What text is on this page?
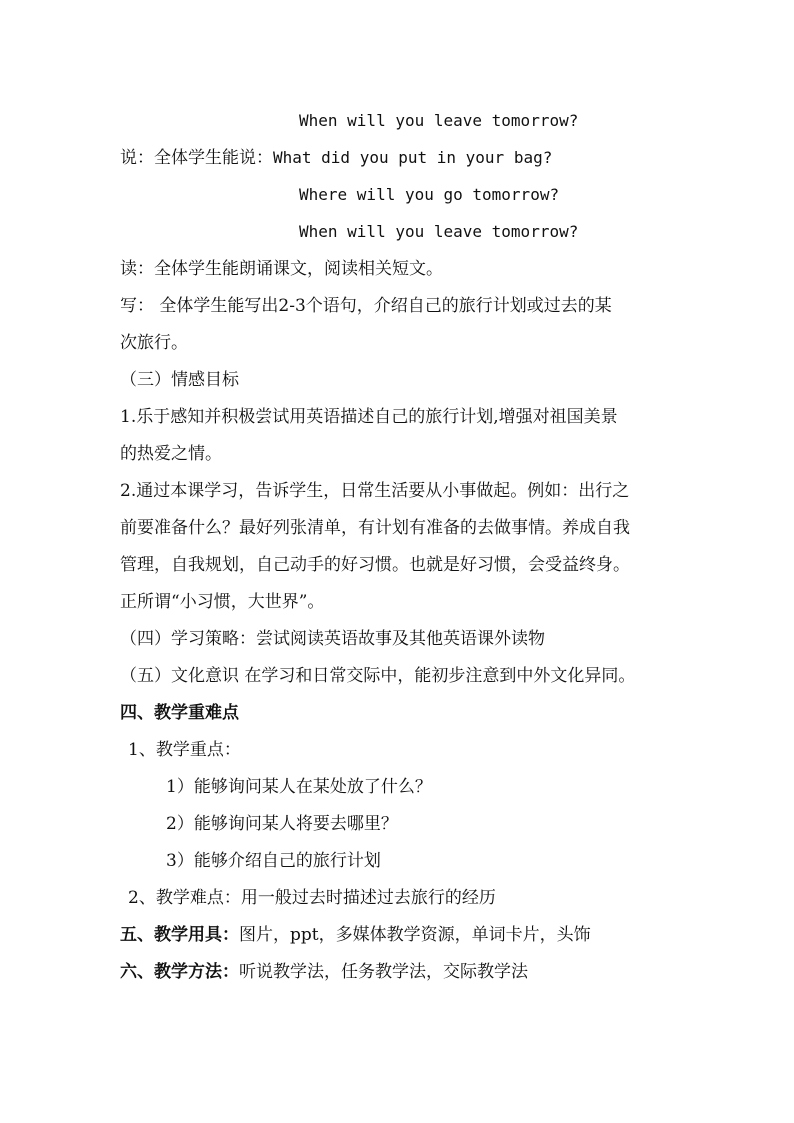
When will you leave tomorrow?
说：全体学生能说：What did you put in your bag?
Where will you go tomorrow?
When will you leave tomorrow?
读：全体学生能朗诵课文，阅读相关短文。
写： 全体学生能写出2-3个语句，介绍自己的旅行计划或过去的某
次旅行。
（三）情感目标
1.乐于感知并积极尝试用英语描述自己的旅行计划,增强对祖国美景
的热爱之情。
2.通过本课学习，告诉学生，日常生活要从小事做起。例如：出行之
前要准备什么？最好列张清单，有计划有准备的去做事情。养成自我
管理，自我规划，自己动手的好习惯。也就是好习惯，会受益终身。
正所谓“小习惯，大世界”。
（四）学习策略：尝试阅读英语故事及其他英语课外读物
（五）文化意识 在学习和日常交际中，能初步注意到中外文化异同。
四、教学重难点
1、教学重点：
1）能够询问某人在某处放了什么？
2）能够询问某人将要去哪里？
3）能够介绍自己的旅行计划
2、教学难点：用一般过去时描述过去旅行的经历
五、教学用具：图片，ppt，多媒体教学资源，单词卡片，头饰
六、教学方法：听说教学法，任务教学法，交际教学法
